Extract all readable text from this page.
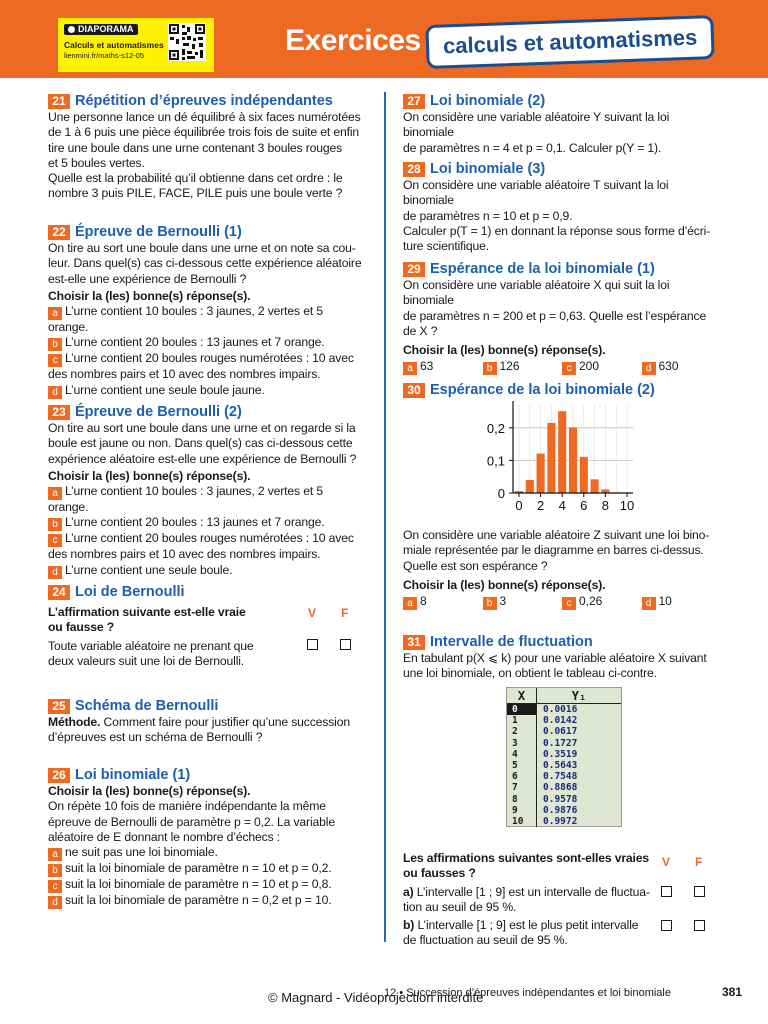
DIAPORAMA
Calculs et automatismes
lienmini.fr/maths-s12-05	Exercices calculs et automatismes
21 Répétition d’épreuves indépendantes
Une personne lance un dé équilibré à six faces numérotées
de 1 à 6 puis une pièce équilibrée trois fois de suite et enfin
tire une boule dans une urne contenant 3 boules rouges
et 5 boules vertes.
Quelle est la probabilité qu’il obtienne dans cet ordre : le
nombre 3 puis PILE, FACE, PILE puis une boule verte ?
22 Épreuve de Bernoulli (1)
On tire au sort une boule dans une urne et on note sa cou-
leur. Dans quel(s) cas ci-dessous cette expérience aléatoire
est-elle une expérience de Bernoulli ?
Choisir la (les) bonne(s) réponse(s).
a L’urne contient 10 boules : 3 jaunes, 2 vertes et 5 orange.
b L’urne contient 20 boules : 13 jaunes et 7 orange.
c L’urne contient 20 boules rouges numérotées : 10 avec
des nombres pairs et 10 avec des nombres impairs.
d L’urne contient une seule boule jaune.
23 Épreuve de Bernoulli (2)
On tire au sort une boule dans une urne et on regarde si la
boule est jaune ou non. Dans quel(s) cas ci-dessous cette
expérience aléatoire est-elle une expérience de Bernoulli ?
Choisir la (les) bonne(s) réponse(s).
a L’urne contient 10 boules : 3 jaunes, 2 vertes et 5 orange.
b L’urne contient 20 boules : 13 jaunes et 7 orange.
c L’urne contient 20 boules rouges numérotées : 10 avec
des nombres pairs et 10 avec des nombres impairs.
d L’urne contient une seule boule.
24 Loi de Bernoulli
L’affirmation suivante est-elle vraie
ou fausse ?
Toute variable aléatoire ne prenant que
deux valeurs suit une loi de Bernoulli.
V F
25 Schéma de Bernoulli
Méthode. Comment faire pour justifier qu’une succession
d’épreuves est un schéma de Bernoulli ?
26 Loi binomiale (1)
Choisir la (les) bonne(s) réponse(s).
On répète 10 fois de manière indépendante la même
épreuve de Bernoulli de paramètre p = 0,2. La variable
aléatoire de E donnant le nombre d’échecs :
a ne suit pas une loi binomiale.
b suit la loi binomiale de paramètre n = 10 et p = 0,2.
c suit la loi binomiale de paramètre n = 10 et p = 0,8.
d suit la loi binomiale de paramètre n = 0,2 et p = 10.
27 Loi binomiale (2)
On considère une variable aléatoire Y suivant la loi binomiale
de paramètres n = 4 et p = 0,1. Calculer p(Y = 1).
28 Loi binomiale (3)
On considère une variable aléatoire T suivant la loi binomiale
de paramètres n = 10 et p = 0,9.
Calculer p(T = 1) en donnant la réponse sous forme d’écri-
ture scientifique.
29 Espérance de la loi binomiale (1)
On considère une variable aléatoire X qui suit la loi binomiale
de paramètres n = 200 et p = 0,63. Quelle est l’espérance
de X ?
Choisir la (les) bonne(s) réponse(s).
a 63	b 126	c 200	d 630
30 Espérance de la loi binomiale (2)
0
0,1
0,2
0 2 4 6 8 10
On considère une variable aléatoire Z suivant une loi bino-
miale représentée par le diagramme en barres ci-dessus.
Quelle est son espérance ?
Choisir la (les) bonne(s) réponse(s).
a 8	b 3	c 0,26	d 10
31 Intervalle de fluctuation
En tabulant p(X ⩽ k) pour une variable aléatoire X suivant
une loi binomiale, on obtient le tableau ci-contre.
X	Y₁
0	0.0016
1	0.0142
2	0.0617
3	0.1727
4	0.3519
5	0.5643
6	0.7548
7	0.8868
8	0.9578
9	0.9876
10	0.9972
Les affirmations suivantes sont-elles vraies
ou fausses ?
a) L’intervalle [1 ; 9] est un intervalle de fluctua-
tion au seuil de 95 %.
b) L’intervalle [1 ; 9] est le plus petit intervalle
de fluctuation au seuil de 95 %.
V F
12 • Succession d’épreuves indépendantes et loi binomiale
© Magnard - Vidéoprojection interdite	381
